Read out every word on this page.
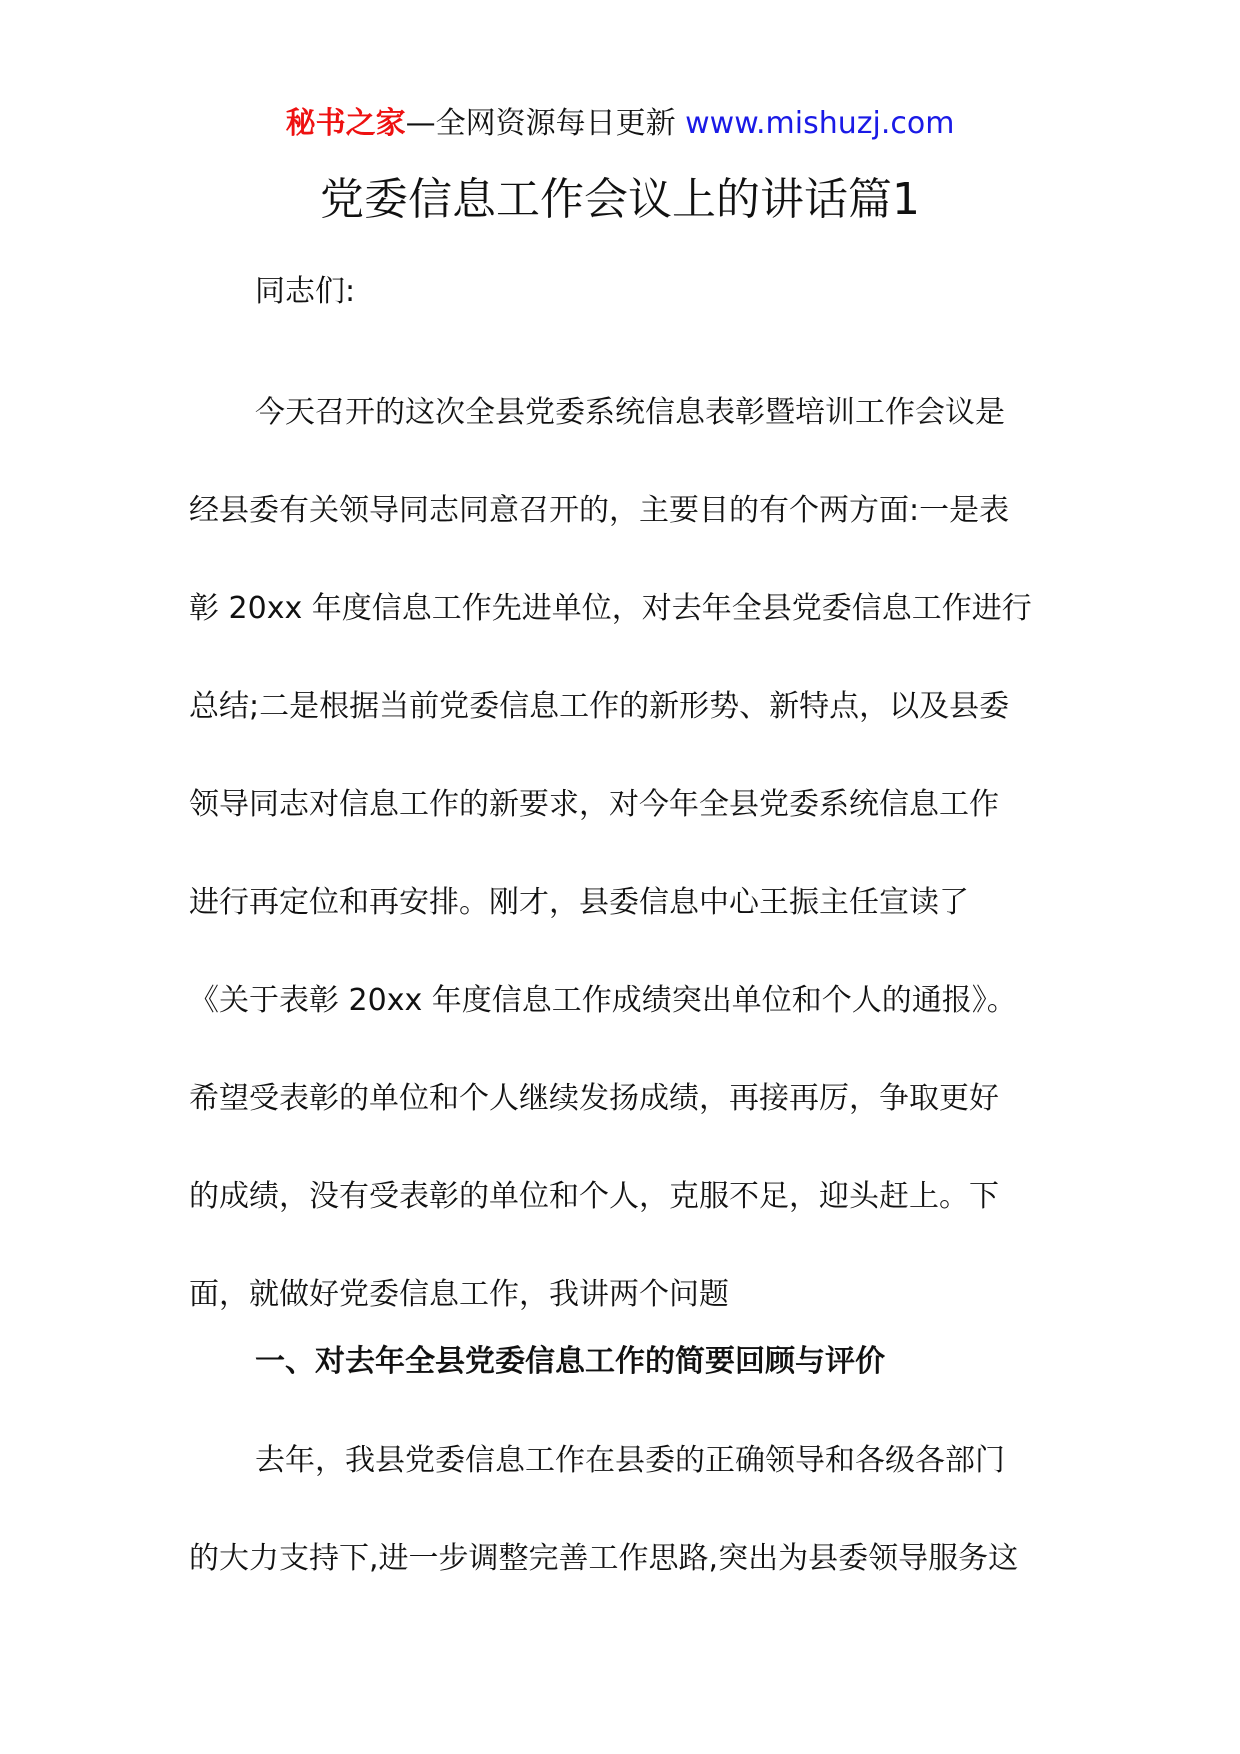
秘书之家—全网资源每日更新 www.mishuzj.com
党委信息工作会议上的讲话篇1
同志们:
今天召开的这次全县党委系统信息表彰暨培训工作会议是
经县委有关领导同志同意召开的，主要目的有个两方面:一是表
彰 20xx 年度信息工作先进单位，对去年全县党委信息工作进行
总结;二是根据当前党委信息工作的新形势、新特点，以及县委
领导同志对信息工作的新要求，对今年全县党委系统信息工作
进行再定位和再安排。刚才，县委信息中心王振主任宣读了
《关于表彰 20xx 年度信息工作成绩突出单位和个人的通报》。
希望受表彰的单位和个人继续发扬成绩，再接再厉，争取更好
的成绩，没有受表彰的单位和个人，克服不足，迎头赶上。下
面，就做好党委信息工作，我讲两个问题
一、对去年全县党委信息工作的简要回顾与评价
去年，我县党委信息工作在县委的正确领导和各级各部门
的大力支持下,进一步调整完善工作思路,突出为县委领导服务这
